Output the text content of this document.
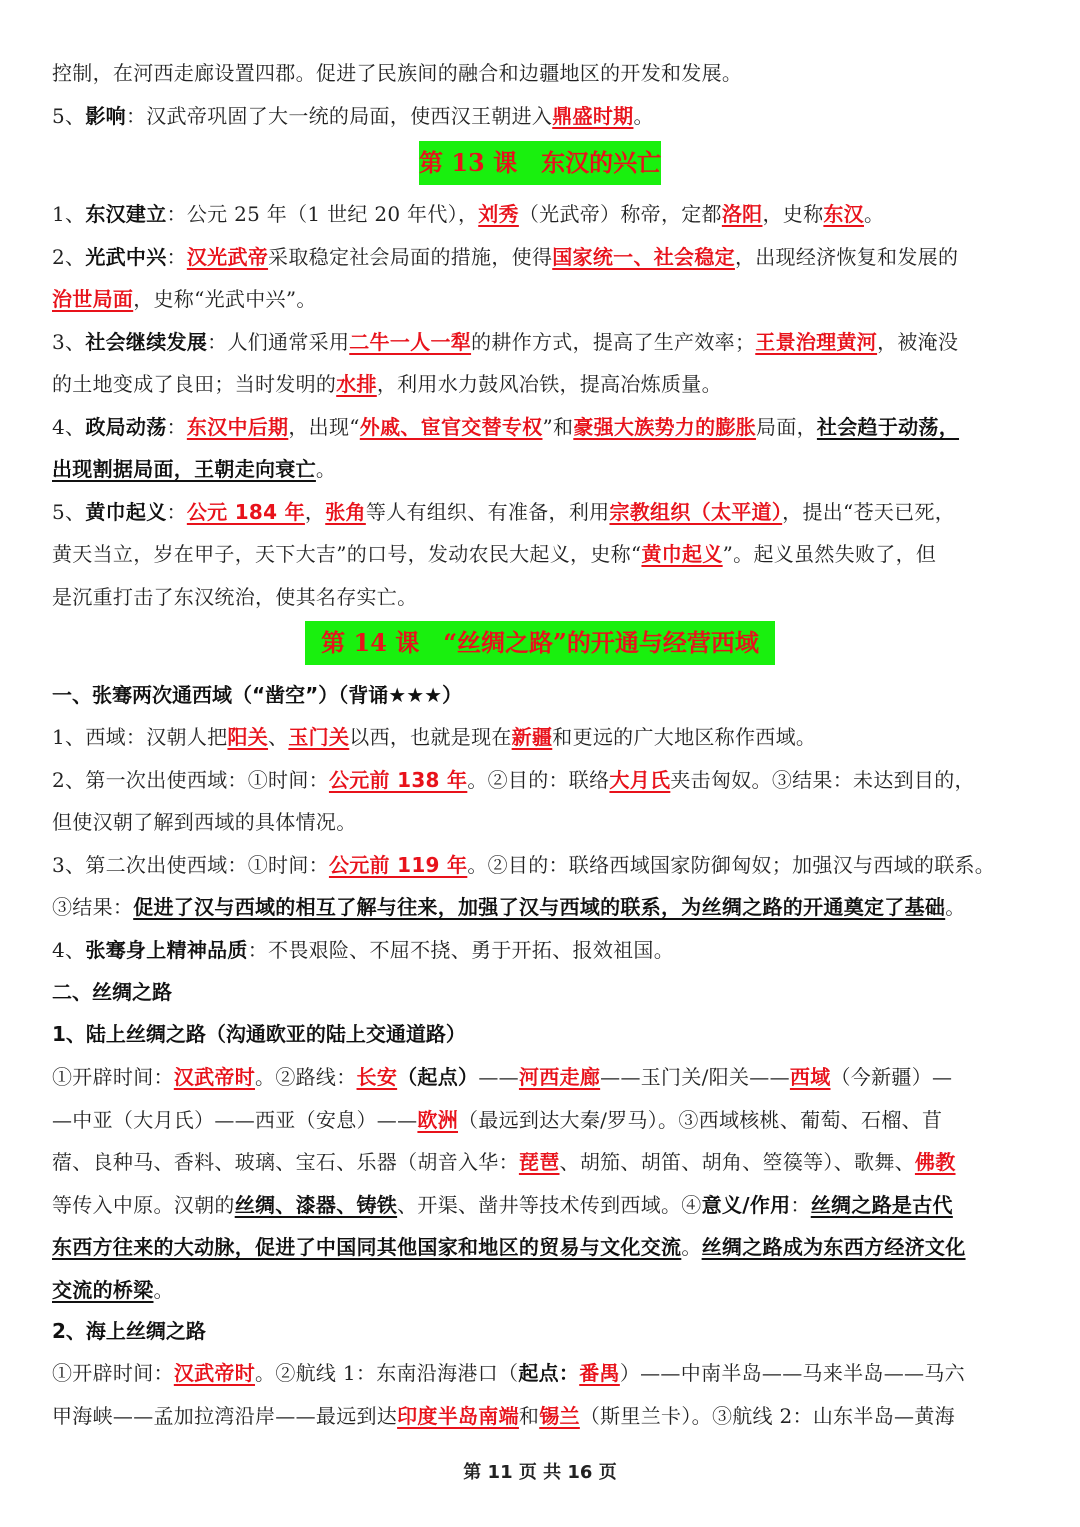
控制，在河西走廊设置四郡。促进了民族间的融合和边疆地区的开发和发展。
5、影响：汉武帝巩固了大一统的局面，使西汉王朝进入鼎盛时期。
第 13 课　东汉的兴亡
1、东汉建立：公元 25 年（1 世纪 20 年代），刘秀（光武帝）称帝，定都洛阳，史称东汉。
2、光武中兴：汉光武帝采取稳定社会局面的措施，使得国家统一、社会稳定，出现经济恢复和发展的
治世局面，史称“光武中兴”。
3、社会继续发展：人们通常采用二牛一人一犁的耕作方式，提高了生产效率；王景治理黄河，被淹没
的土地变成了良田；当时发明的水排，利用水力鼓风冶铁，提高冶炼质量。
4、政局动荡：东汉中后期，出现“外戚、宦官交替专权”和豪强大族势力的膨胀局面，社会趋于动荡，
出现割据局面，王朝走向衰亡。
5、黄巾起义：公元 184 年，张角等人有组织、有准备，利用宗教组织（太平道），提出“苍天已死，
黄天当立，岁在甲子，天下大吉”的口号，发动农民大起义，史称“黄巾起义”。起义虽然失败了，但
是沉重打击了东汉统治，使其名存实亡。
第 14 课　“丝绸之路”的开通与经营西域
一、张骞两次通西域（“凿空”）（背诵★★★）
1、西域：汉朝人把阳关、玉门关以西，也就是现在新疆和更远的广大地区称作西域。
2、第一次出使西域：①时间：公元前 138 年。②目的：联络大月氏夹击匈奴。③结果：未达到目的，
但使汉朝了解到西域的具体情况。
3、第二次出使西域：①时间：公元前 119 年。②目的：联络西域国家防御匈奴；加强汉与西域的联系。
③结果：促进了汉与西域的相互了解与往来，加强了汉与西域的联系，为丝绸之路的开通奠定了基础。
4、张骞身上精神品质：不畏艰险、不屈不挠、勇于开拓、报效祖国。
二、丝绸之路
1、陆上丝绸之路（沟通欧亚的陆上交通道路）
①开辟时间：汉武帝时。②路线：长安（起点）——河西走廊——玉门关/阳关——西域（今新疆）—
—中亚（大月氏）——西亚（安息）——欧洲（最远到达大秦/罗马）。③西域核桃、葡萄、石榴、苜
蓿、良种马、香料、玻璃、宝石、乐器（胡音入华：琵琶、胡笳、胡笛、胡角、箜篌等）、歌舞、佛教
等传入中原。汉朝的丝绸、漆器、铸铁、开渠、凿井等技术传到西域。④意义/作用：丝绸之路是古代
东西方往来的大动脉，促进了中国同其他国家和地区的贸易与文化交流。丝绸之路成为东西方经济文化
交流的桥梁。
2、海上丝绸之路
①开辟时间：汉武帝时。②航线 1：东南沿海港口（起点：番禺）——中南半岛——马来半岛——马六
甲海峡——孟加拉湾沿岸——最远到达印度半岛南端和锡兰（斯里兰卡）。③航线 2：山东半岛—黄海
第 11 页 共 16 页
